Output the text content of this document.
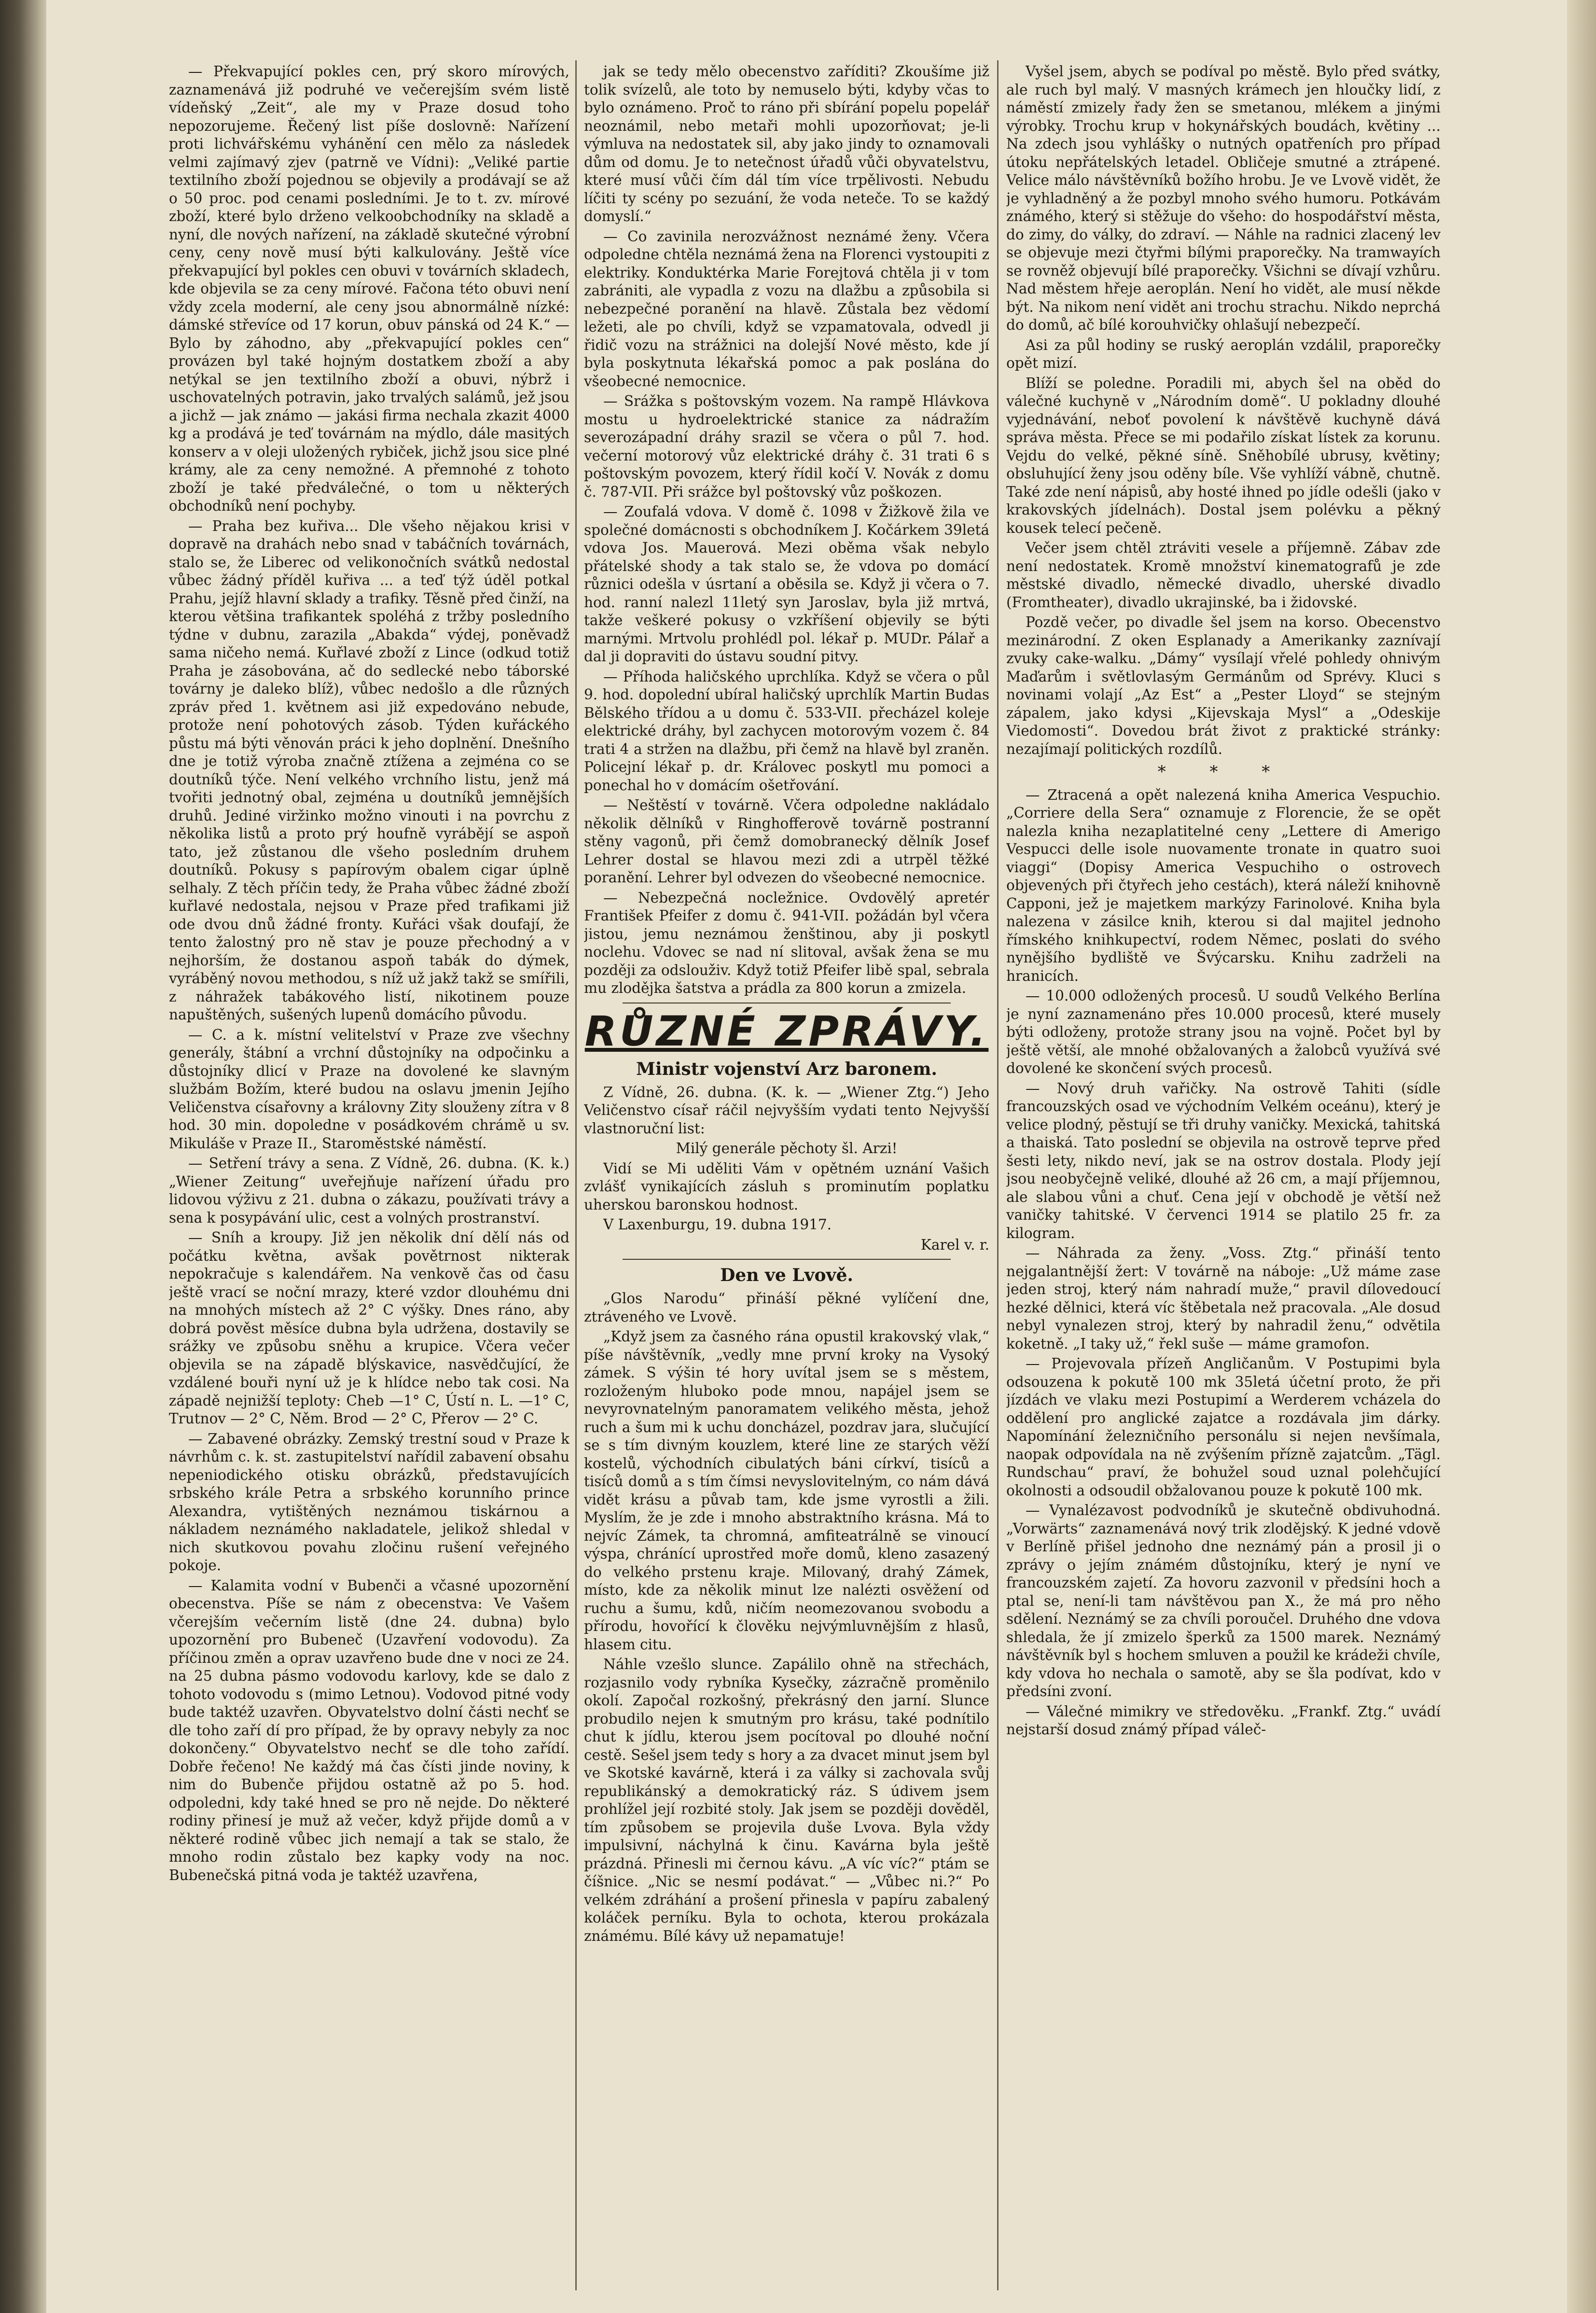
— Překvapující pokles cen, prý skoro mírových, zaznamenává již podruhé ve večerejším svém listě vídeňský „Zeit“, ale my v Praze dosud toho nepozorujeme. Řečený list píše doslovně: Nařízení proti lichvářskému vyhánění cen mělo za následek velmi zajímavý zjev (patrně ve Vídni): „Veliké partie textilního zboží pojednou se objevily a prodávají se až o 50 proc. pod cenami posledními. Je to t. zv. mírové zboží, které bylo drženo velkoobchodníky na skladě a nyní, dle nových nařízení, na základě skutečné výrobní ceny, ceny nově musí býti kalkulovány. Ještě více překvapující byl pokles cen obuvi v továrních skladech, kde objevila se za ceny mírové. Fačona této obuvi není vždy zcela moderní, ale ceny jsou abnormálně nízké: dámské střevíce od 17 korun, obuv pánská od 24 K.“ — Bylo by záhodno, aby „překvapující pokles cen“ provázen byl také hojným dostatkem zboží a aby netýkal se jen textilního zboží a obuvi, nýbrž i uschovatelných potravin, jako trvalých salámů, jež jsou a jichž — jak známo — jakási firma nechala zkazit 4000 kg a prodává je teď továrnám na mýdlo, dále masitých konserv a v oleji uložených rybiček, jichž jsou sice plné krámy, ale za ceny nemožné. A přemnohé z tohoto zboží je také předválečné, o tom u některých obchodníků není pochyby.

— Praha bez kuřiva... Dle všeho nějakou krisi v dopravě na drahách nebo snad v tabáčních továrnách, stalo se, že Liberec od velikonočních svátků nedostal vůbec žádný příděl kuřiva ... a teď týž úděl potkal Prahu, jejíž hlavní sklady a trafiky. Těsně před činží, na kterou většina trafikantek spoléhá z tržby posledního týdne v dubnu, zarazila „Abakda“ výdej, poněvadž sama ničeho nemá. Kuřlavé zboží z Lince (odkud totiž Praha je zásobována, ač do sedlecké nebo táborské továrny je daleko blíž), vůbec nedošlo a dle různých zpráv před 1. květnem asi již expedováno nebude, protože není pohotových zásob. Týden kuřáckého půstu má býti věnován práci k jeho doplnění. Dnešního dne je totiž výroba značně ztížena a zejména co se doutníků týče. Není velkého vrchního listu, jenž má tvořiti jednotný obal, zejména u doutníků jemnějších druhů. Jediné viržinko možno vinouti i na povrchu z několika listů a proto prý houfně vyrábějí se aspoň tato, jež zůstanou dle všeho posledním druhem doutníků. Pokusy s papírovým obalem cigar úplně selhaly. Z těch příčin tedy, že Praha vůbec žádné zboží kuřlavé nedostala, nejsou v Praze před trafikami již ode dvou dnů žádné fronty. Kuřáci však doufají, že tento žalostný pro ně stav je pouze přechodný a v nejhorším, že dostanou aspoň tabák do dýmek, vyráběný novou methodou, s níž už jakž takž se smířili, z náhražek tabákového listí, nikotinem pouze napuštěných, sušených lupenů domácího původu.

— C. a k. místní velitelství v Praze zve všechny generály, štábní a vrchní důstojníky na odpočinku a důstojníky dlicí v Praze na dovolené ke slavným službám Božím, které budou na oslavu jmenin Jejího Veličenstva císařovny a královny Zity slouženy zítra v 8 hod. 30 min. dopoledne v posádkovém chrámě u sv. Mikuláše v Praze II., Staroměstské náměstí.

— Setření trávy a sena. Z Vídně, 26. dubna. (K. k.) „Wiener Zeitung“ uveřejňuje nařízení úřadu pro lidovou výživu z 21. dubna o zákazu, používati trávy a sena k posypávání ulic, cest a volných prostranství.

— Sníh a kroupy. Již jen několik dní dělí nás od počátku května, avšak povětrnost nikterak nepokračuje s kalendářem. Na venkově čas od času ještě vrací se noční mrazy, které vzdor dlouhému dni na mnohých místech až 2° C výšky. Dnes ráno, aby dobrá pověst měsíce dubna byla udržena, dostavily se srážky ve způsobu sněhu a krupice. Včera večer objevila se na západě blýskavice, nasvědčující, že vzdálené bouři nyní už je k hlídce nebo tak cosi. Na západě nejnižší teploty: Cheb —1° C, Ústí n. L. —1° C, Trutnov — 2° C, Něm. Brod — 2° C, Přerov — 2° C.

— Zabavené obrázky. Zemský trestní soud v Praze k návrhům c. k. st. zastupitelství nařídil zabavení obsahu nepeniodického otisku obrázků, představujících srbského krále Petra a srbského korunního prince Alexandra, vytištěných neznámou tiskárnou a nákladem neznámého nakladatele, jelikož shledal v nich skutkovou povahu zločinu rušení veřejného pokoje.

— Kalamita vodní v Bubenči a včasné upozornění obecenstva. Píše se nám z obecenstva: Ve Vašem včerejším večerním listě (dne 24. dubna) bylo upozornění pro Bubeneč (Uzavření vodovodu). Za příčinou změn a oprav uzavřeno bude dne v noci ze 24. na 25 dubna pásmo vodovodu karlovy, kde se dalo z tohoto vodovodu s (mimo Letnou). Vodovod pitné vody bude taktéž uzavřen. Obyvatelstvo dolní části nechť se dle toho zaří dí pro případ, že by opravy nebyly za noc dokončeny.“ Obyvatelstvo nechť se dle toho zařídí. Dobře řečeno! Ne každý má čas čísti jinde noviny, k nim do Bubenče přijdou ostatně až po 5. hod. odpoledni, kdy také hned se pro ně nejde. Do některé rodiny přinesí je muž až večer, když přijde domů a v některé rodině vůbec jich nemají a tak se stalo, že mnoho rodin zůstalo bez kapky vody na noc. Bubenečská pitná voda je taktéž uzavřena,

jak se tedy mělo obecenstvo zaříditi? Zkoušíme již tolik svízelů, ale toto by nemuselo býti, kdyby včas to bylo oznámeno. Proč to ráno při sbírání popelu popelář neoznámil, nebo metaři mohli upozorňovat; je-li výmluva na nedostatek sil, aby jako jindy to oznamovali dům od domu. Je to netečnost úřadů vůči obyvatelstvu, které musí vůči čím dál tím více trpělivosti. Nebudu líčiti ty scény po sezuání, že voda neteče. To se každý domyslí.“

— Co zavinila nerozvážnost neznámé ženy. Včera odpoledne chtěla neznámá žena na Florenci vystoupiti z elektriky. Konduktérka Marie Forejtová chtěla ji v tom zabrániti, ale vypadla z vozu na dlažbu a způsobila si nebezpečné poranění na hlavě. Zůstala bez vědomí ležeti, ale po chvíli, když se vzpamatovala, odvedl ji řidič vozu na strážnici na dolejší Nové město, kde jí byla poskytnuta lékařská pomoc a pak poslána do všeobecné nemocnice.

— Srážka s poštovským vozem. Na rampě Hlávkova mostu u hydroelektrické stanice za nádražím severozápadní dráhy srazil se včera o půl 7. hod. večerní motorový vůz elektrické dráhy č. 31 trati 6 s poštovským povozem, který řídil kočí V. Novák z domu č. 787-VII. Při srážce byl poštovský vůz poškozen.

— Zoufalá vdova. V domě č. 1098 v Žižkově žila ve společné domácnosti s obchodníkem J. Kočárkem 39letá vdova Jos. Mauerová. Mezi oběma však nebylo přátelské shody a tak stalo se, že vdova po domácí různici odešla v úsrtaní a oběsila se. Když ji včera o 7. hod. ranní nalezl 11letý syn Jaroslav, byla již mrtvá, takže veškeré pokusy o vzkříšení objevily se býti marnými. Mrtvolu prohlédl pol. lékař p. MUDr. Pálař a dal ji dopraviti do ústavu soudní pitvy.

— Příhoda haličského uprchlíka. Když se včera o půl 9. hod. dopolední ubíral haličský uprchlík Martin Budas Bělského třídou a u domu č. 533-VII. přecházel koleje elektrické dráhy, byl zachycen motorovým vozem č. 84 trati 4 a stržen na dlažbu, při čemž na hlavě byl zraněn. Policejní lékař p. dr. Královeс poskytl mu pomoci a ponechal ho v domácím ošetřování.

— Neštěstí v továrně. Včera odpoledne nakládalo několik dělníků v Ringhofferově továrně postranní stěny vagonů, při čemž domobranecký dělník Josef Lehrer dostal se hlavou mezi zdi a utrpěl těžké poranění. Lehrer byl odvezen do všeobecné nemocnice.

— Nebezpečná nocležnice. Ovdovělý apretér František Pfeifer z domu č. 941-VII. požádán byl včera jistou, jemu neznámou ženštinou, aby ji poskytl noclehu. Vdovec se nad ní slitoval, avšak žena se mu později za odslouživ. Když totiž Pfeifer libě spal, sebrala mu zlodějka šatstva a prádla za 800 korun a zmizela.

RŮZNÉ ZPRÁVY.
Ministr vojenství Arz baronem.

Z Vídně, 26. dubna. (K. k. — „Wiener Ztg.“) Jeho Veličenstvo císař ráčil nejvyšším vydati tento Nejvyšší vlastnoruční list:

Milý generále pěchoty šl. Arzi!

Vidí se Mi uděliti Vám v opětném uznání Vašich zvlášť vynikajících zásluh s prominutím poplatku uherskou baronskou hodnost.

V Laxenburgu, 19. dubna 1917.

Karel v. r.

Den ve Lvově.

„Glos Narodu“ přináší pěkné vylíčení dne, ztráveného ve Lvově.

„Když jsem za časného rána opustil krakovský vlak,“ píše návštěvník, „vedly mne první kroky na Vysoký zámek. S výšin té hory uvítal jsem se s městem, rozloženým hluboko pode mnou, napájel jsem se nevyrovnatelným panoramatem velikého města, jehož ruch a šum mi k uchu doncházel, pozdrav jara, slučující se s tím divným kouzlem, které line ze starých věží kostelů, východních cibulatých báni církví, tisíců a tisíců domů a s tím čímsi nevyslovitelným, co nám dává vidět krásu a půvab tam, kde jsme vyrostli a žili. Myslím, že je zde i mnoho abstraktního krásna. Má to nejvíc Zámek, ta chromná, amfiteatrálně se vinoucí výspa, chránící uprostřed moře domů, kleno zasazený do velkého prstenu kraje. Milovaný, drahý Zámek, místo, kde za několik minut lze nalézti osvěžení od ruchu a šumu, kdů, ničím neomezovanou svobodu a přírodu, hovořící k člověku nejvýmluvnějším z hlasů, hlasem citu.

Náhle vzešlo slunce. Zapálilo ohně na střechách, rozjasnilo vody rybníka Kysečky, zázračně proměnilo okolí. Započal rozkošný, překrásný den jarní. Slunce probudilo nejen k smutným pro krásu, také podnítilo chut k jídlu, kterou jsem pocítoval po dlouhé noční cestě. Sešel jsem tedy s hory a za dvacet minut jsem byl ve Skotské kavárně, která i za války si zachovala svůj republikánský a demokratický ráz. S údivem jsem prohlížel její rozbité stoly. Jak jsem se později dověděl, tím způsobem se projevila duše Lvova. Byla vždy impulsivní, náchylná k činu. Kavárna byla ještě prázdná. Přinesli mi černou kávu. „A víc víc?“ ptám se číšnice. „Nic se nesmí podávat.“ — „Vůbec ni.?“ Po velkém zdráhání a prošení přinesla v papíru zabalený koláček perníku. Byla to ochota, kterou prokázala známému. Bílé kávy už nepamatuje!

Vyšel jsem, abych se podíval po městě. Bylo před svátky, ale ruch byl malý. V masných krámech jen hloučky lidí, z náměstí zmizely řady žen se smetanou, mlékem a jinými výrobky. Trochu krup v hokynářských boudách, květiny ... Na zdech jsou vyhlášky o nutných opatřeních pro případ útoku nepřátelských letadel. Obličeje smutné a ztrápené. Velice málo návštěvníků božího hrobu. Je ve Lvově vidět, že je vyhladněný a že pozbyl mnoho svého humoru. Potkávám známého, který si stěžuje do všeho: do hospodářství města, do zimy, do války, do zdraví. — Náhle na radnici zlacený lev se objevuje mezi čtyřmi bílými praporečky. Na tramwayích se rovněž objevují bílé praporečky. Všichni se dívají vzhůru. Nad městem hřeje aeroplán. Není ho vidět, ale musí někde být. Na nikom není vidět ani trochu strachu. Nikdo neprchá do domů, ač bílé korouhvičky ohlašují nebezpečí.

Asi za půl hodiny se ruský aeroplán vzdálil, praporečky opět mizí.

Blíží se poledne. Poradili mi, abych šel na oběd do válečné kuchyně v „Národním domě“. U pokladny dlouhé vyjednávání, neboť povolení k návštěvě kuchyně dává správa města. Přece se mi podařilo získat lístek za korunu. Vejdu do velké, pěkné síně. Sněhobílé ubrusy, květiny; obsluhující ženy jsou oděny bíle. Vše vyhlíží vábně, chutně. Také zde není nápisů, aby hosté ihned po jídle odešli (jako v krakovských jídelnách). Dostal jsem polévku a pěkný kousek telecí pečeně.

Večer jsem chtěl ztráviti vesele a příjemně. Zábav zde není nedostatek. Kromě množství kinematografů je zde městské divadlo, německé divadlo, uherské divadlo (Fromtheater), divadlo ukrajinské, ba i židovské.

Pozdě večer, po divadle šel jsem na korso. Obecenstvo mezinárodní. Z oken Esplanady a Amerikanky zaznívají zvuky cake-walku. „Dámy“ vysílají vřelé pohledy ohnivým Maďarům i světlovlasým Germánům od Sprévy. Kluci s novinami volají „Az Est“ a „Pester Lloyd“ se stejným zápalem, jako kdysi „Kijevskaja Mysl“ a „Odeskije Viedomosti“. Dovedou brát život z praktické stránky: nezajímají politických rozdílů.

* * *

— Ztracená a opět nalezená kniha America Vespuchio. „Corriere della Sera“ oznamuje z Florencie, že se opět nalezla kniha nezaplatitelné ceny „Lettere di Amerigo Vespucci delle isole nuovamente tronate in quatro suoi viaggi“ (Dopisy America Vespuchiho o ostrovech objevených při čtyřech jeho cestách), která náleží knihovně Capponi, jež je majetkem markýzy Farinolové. Kniha byla nalezena v zásilce knih, kterou si dal majitel jednoho římského knihkupectví, rodem Němec, poslati do svého nynějšího bydliště ve Švýcarsku. Knihu zadrželi na hranicích.

— 10.000 odložených procesů. U soudů Velkého Berlína je nyní zaznamenáno přes 10.000 procesů, které musely býti odloženy, protože strany jsou na vojně. Počet byl by ještě větší, ale mnohé obžalovaných a žalobců využívá své dovolené ke skončení svých procesů.

— Nový druh vařičky. Na ostrově Tahiti (sídle francouzských osad ve východním Velkém oceánu), který je velice plodný, pěstují se tři druhy vaničky. Mexická, tahitská a thaiská. Tato poslední se objevila na ostrově teprve před šesti lety, nikdo neví, jak se na ostrov dostala. Plody její jsou neobyčejně veliké, dlouhé až 26 cm, a mají příjemnou, ale slabou vůni a chuť. Cena její v obchodě je větší než vaničky tahitské. V červenci 1914 se platilo 25 fr. za kilogram.

— Náhrada za ženy. „Voss. Ztg.“ přináší tento nejgalantnější žert: V továrně na náboje: „Už máme zase jeden stroj, který nám nahradí muže,“ pravil dílovedoucí hezké dělnici, která víc štěbetala než pracovala. „Ale dosud nebyl vynalezen stroj, který by nahradil ženu,“ odvětila koketně. „I taky už,“ řekl suše — máme gramofon.

— Projevovala přízeň Angličanům. V Postupimi byla odsouzena k pokutě 100 mk 35letá účetní proto, že při jízdách ve vlaku mezi Postupimí a Werderem vcházela do oddělení pro anglické zajatce a rozdávala jim dárky. Napomínání železničního personálu si nejen nevšímala, naopak odpovídala na ně zvýšením přízně zajatcům. „Tägl. Rundschau“ praví, že bohužel soud uznal polehčující okolnosti a odsoudil obžalovanou pouze k pokutě 100 mk.

— Vynalézavost podvodníků je skutečně obdivuhodná. „Vorwärts“ zaznamenává nový trik zlodějský. K jedné vdově v Berlíně přišel jednoho dne neznámý pán a prosil ji o zprávy o jejím známém důstojníku, který je nyní ve francouzském zajetí. Za hovoru zazvonil v předsíni hoch a ptal se, není-li tam návštěvou pan X., že má pro něho sdělení. Neznámý se za chvíli poroučel. Druhého dne vdova shledala, že jí zmizelo šperků za 1500 marek. Neznámý návštěvník byl s hochem smluven a použil ke krádeži chvíle, kdy vdova ho nechala o samotě, aby se šla podívat, kdo v předsíni zvoní.

— Válečné mimikry ve středověku. „Frankf. Ztg.“ uvádí nejstarší dosud známý případ váleč-
